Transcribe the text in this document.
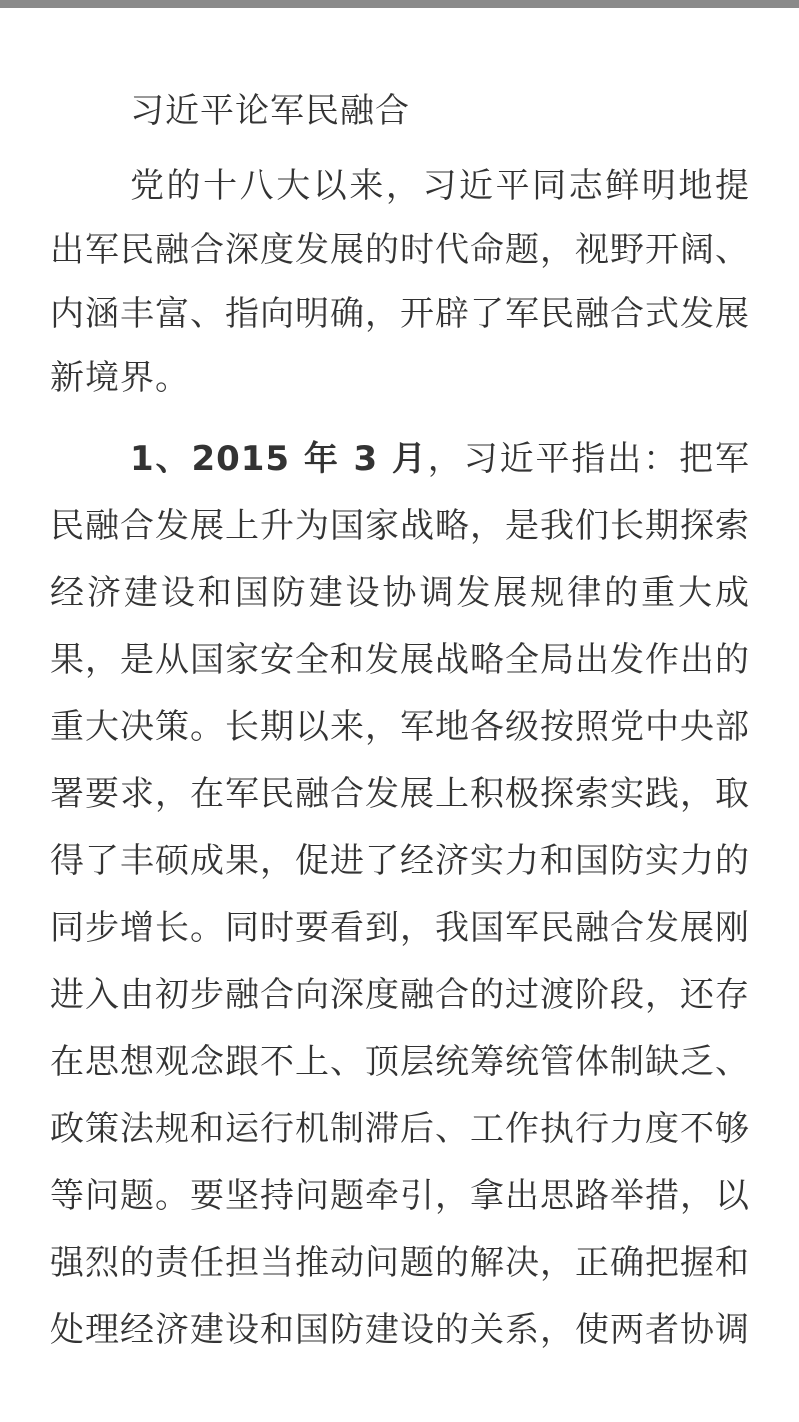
习近平论军民融合

党的十八大以来，习近平同志鲜明地提出军民融合深度发展的时代命题，视野开阔、内涵丰富、指向明确，开辟了军民融合式发展新境界。

1、2015 年 3 月，习近平指出：把军民融合发展上升为国家战略，是我们长期探索经济建设和国防建设协调发展规律的重大成果，是从国家安全和发展战略全局出发作出的重大决策。长期以来，军地各级按照党中央部署要求，在军民融合发展上积极探索实践，取得了丰硕成果，促进了经济实力和国防实力的同步增长。同时要看到，我国军民融合发展刚进入由初步融合向深度融合的过渡阶段，还存在思想观念跟不上、顶层统筹统管体制缺乏、政策法规和运行机制滞后、工作执行力度不够等问题。要坚持问题牵引，拿出思路举措，以强烈的责任担当推动问题的解决，正确把握和处理经济建设和国防建设的关系，使两者协调
